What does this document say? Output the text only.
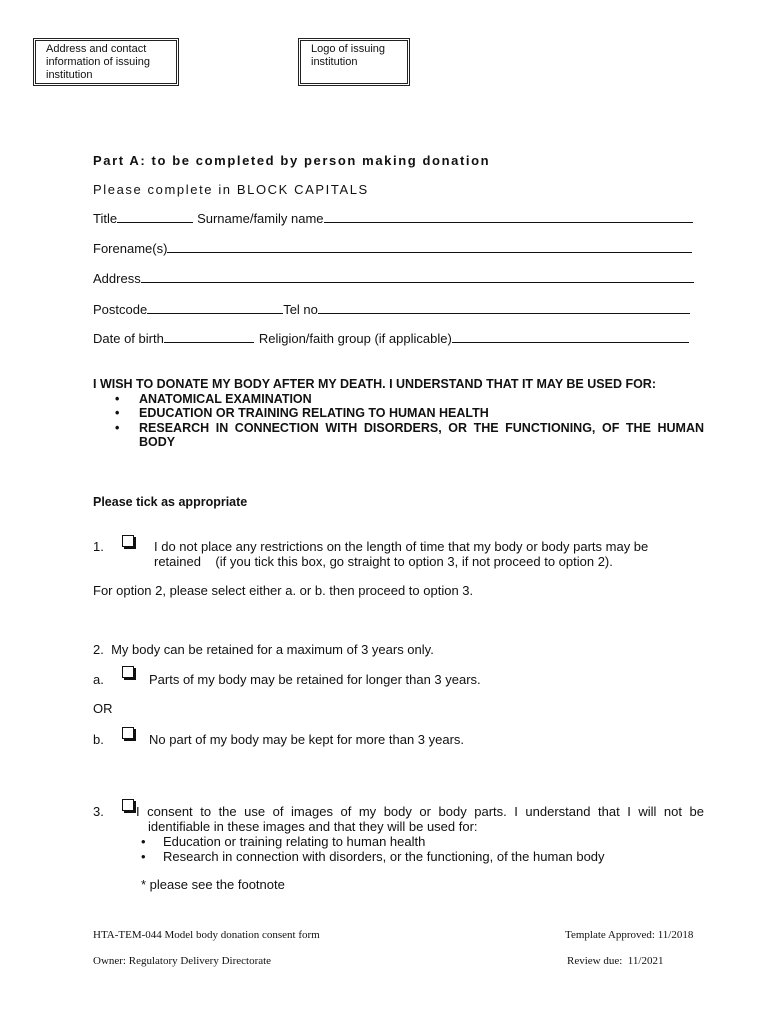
Address and contact information of issuing institution
Logo of issuing institution
Part A: to be completed by person making donation
Please complete in BLOCK CAPITALS
Title	Surname/family name
Forename(s)
Address
Postcode	Tel no
Date of birth	Religion/faith group (if applicable)
I WISH TO DONATE MY BODY AFTER MY DEATH. I UNDERSTAND THAT IT MAY BE USED FOR:
• ANATOMICAL EXAMINATION
• EDUCATION OR TRAINING RELATING TO HUMAN HEALTH
• RESEARCH IN CONNECTION WITH DISORDERS, OR THE FUNCTIONING, OF THE HUMAN BODY
Please tick as appropriate
1.	I do not place any restrictions on the length of time that my body or body parts may be
retained    (if you tick this box, go straight to option 3, if not proceed to option 2).
For option 2, please select either a. or b. then proceed to option 3.
2.  My body can be retained for a maximum of 3 years only.
a.	Parts of my body may be retained for longer than 3 years.
OR
b.	No part of my body may be kept for more than 3 years.
3. I consent to the use of images of my body or body parts. I understand that I will not be
identifiable in these images and that they will be used for:
• Education or training relating to human health
• Research in connection with disorders, or the functioning, of the human body
* please see the footnote
HTA-TEM-044 Model body donation consent form	Template Approved: 11/2018
Owner: Regulatory Delivery Directorate	Review due:  11/2021
